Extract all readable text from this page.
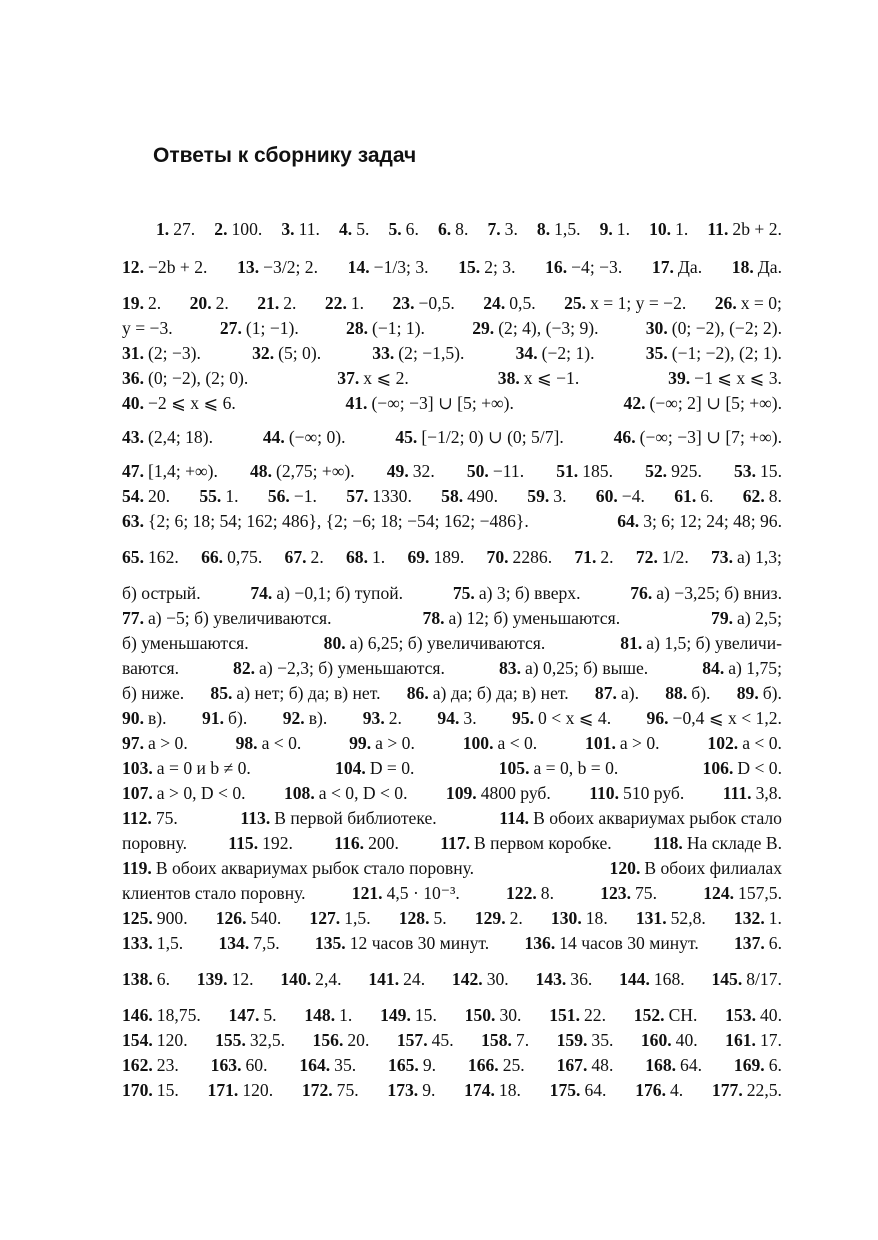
Ответы к сборнику задач
1. 27. 2. 100. 3. 11. 4. 5. 5. 6. 6. 8. 7. 3. 8. 1,5. 9. 1. 10. 1. 11. 2b + 2.
12. −2b + 2. 13. −3/2; 2. 14. −1/3; 3. 15. 2; 3. 16. −4; −3. 17. Да. 18. Да.
19. 2. 20. 2. 21. 2. 22. 1. 23. −0,5. 24. 0,5. 25. x = 1; y = −2. 26. x = 0;
y = −3.	27. (1; −1).	28. (−1; 1).	29. (2; 4), (−3; 9).	30. (0; −2), (−2; 2).
31. (2; −3).	32. (5; 0).	33. (2; −1,5).	34. (−2; 1).	35. (−1; −2), (2; 1).
36. (0; −2), (2; 0).	37. x ⩽ 2.	38. x ⩽ −1.	39. −1 ⩽ x ⩽ 3.
40. −2 ⩽ x ⩽ 6.	41. (−∞; −3] ∪ [5; +∞).	42. (−∞; 2] ∪ [5; +∞).
43. (2,4; 18).	44. (−∞; 0).	45. [−1/2; 0) ∪ (0; 5/7].	46. (−∞; −3] ∪ [7; +∞).
47. [1,4; +∞). 48. (2,75; +∞). 49. 32. 50. −11. 51. 185. 52. 925. 53. 15.
54. 20. 55. 1. 56. −1. 57. 1330. 58. 490. 59. 3. 60. −4. 61. 6. 62. 8.
63. {2; 6; 18; 54; 162; 486}, {2; −6; 18; −54; 162; −486}.	64. 3; 6; 12; 24; 48; 96.
65. 162. 66. 0,75. 67. 2. 68. 1. 69. 189. 70. 2286. 71. 2. 72. 1/2. 73. а) 1,3;
б) острый.	74. а) −0,1; б) тупой.	75. а) 3; б) вверх.	76. а) −3,25; б) вниз.
77. а) −5; б) увеличиваются.	78. а) 12; б) уменьшаются.	79. а) 2,5;
б) уменьшаются.	80. а) 6,25; б) увеличиваются.	81. а) 1,5; б) увеличи-
ваются.	82. а) −2,3; б) уменьшаются.	83. а) 0,25; б) выше.	84. а) 1,75;
б) ниже. 85. а) нет; б) да; в) нет. 86. а) да; б) да; в) нет. 87. а). 88. б). 89. б).
90. в). 91. б). 92. в). 93. 2. 94. 3. 95. 0 < x ⩽ 4. 96. −0,4 ⩽ x < 1,2.
97. a > 0.	98. a < 0.	99. a > 0.	100. a < 0.	101. a > 0.	102. a < 0.
103. a = 0 и b ≠ 0.	104. D = 0.	105. a = 0, b = 0.	106. D < 0.
107. a > 0, D < 0. 108. a < 0, D < 0. 109. 4800 руб. 110. 510 руб. 111. 3,8.
112. 75.	113. В первой библиотеке.	114. В обоих аквариумах рыбок стало
поровну. 115. 192. 116. 200. 117. В первом коробке. 118. На складе В.
119. В обоих аквариумах рыбок стало поровну.	120. В обоих филиалах
клиентов стало поровну.	121. 4,5 · 10⁻³.	122. 8.	123. 75.	124. 157,5.
125. 900. 126. 540. 127. 1,5. 128. 5. 129. 2. 130. 18. 131. 52,8. 132. 1.
133. 1,5. 134. 7,5. 135. 12 часов 30 минут. 136. 14 часов 30 минут. 137. 6.
138. 6. 139. 12. 140. 2,4. 141. 24. 142. 30. 143. 36. 144. 168. 145. 8/17.
146. 18,75. 147. 5. 148. 1. 149. 15. 150. 30. 151. 22. 152. CH. 153. 40.
154. 120. 155. 32,5. 156. 20. 157. 45. 158. 7. 159. 35. 160. 40. 161. 17.
162. 23. 163. 60. 164. 35. 165. 9. 166. 25. 167. 48. 168. 64. 169. 6.
170. 15. 171. 120. 172. 75. 173. 9. 174. 18. 175. 64. 176. 4. 177. 22,5.
